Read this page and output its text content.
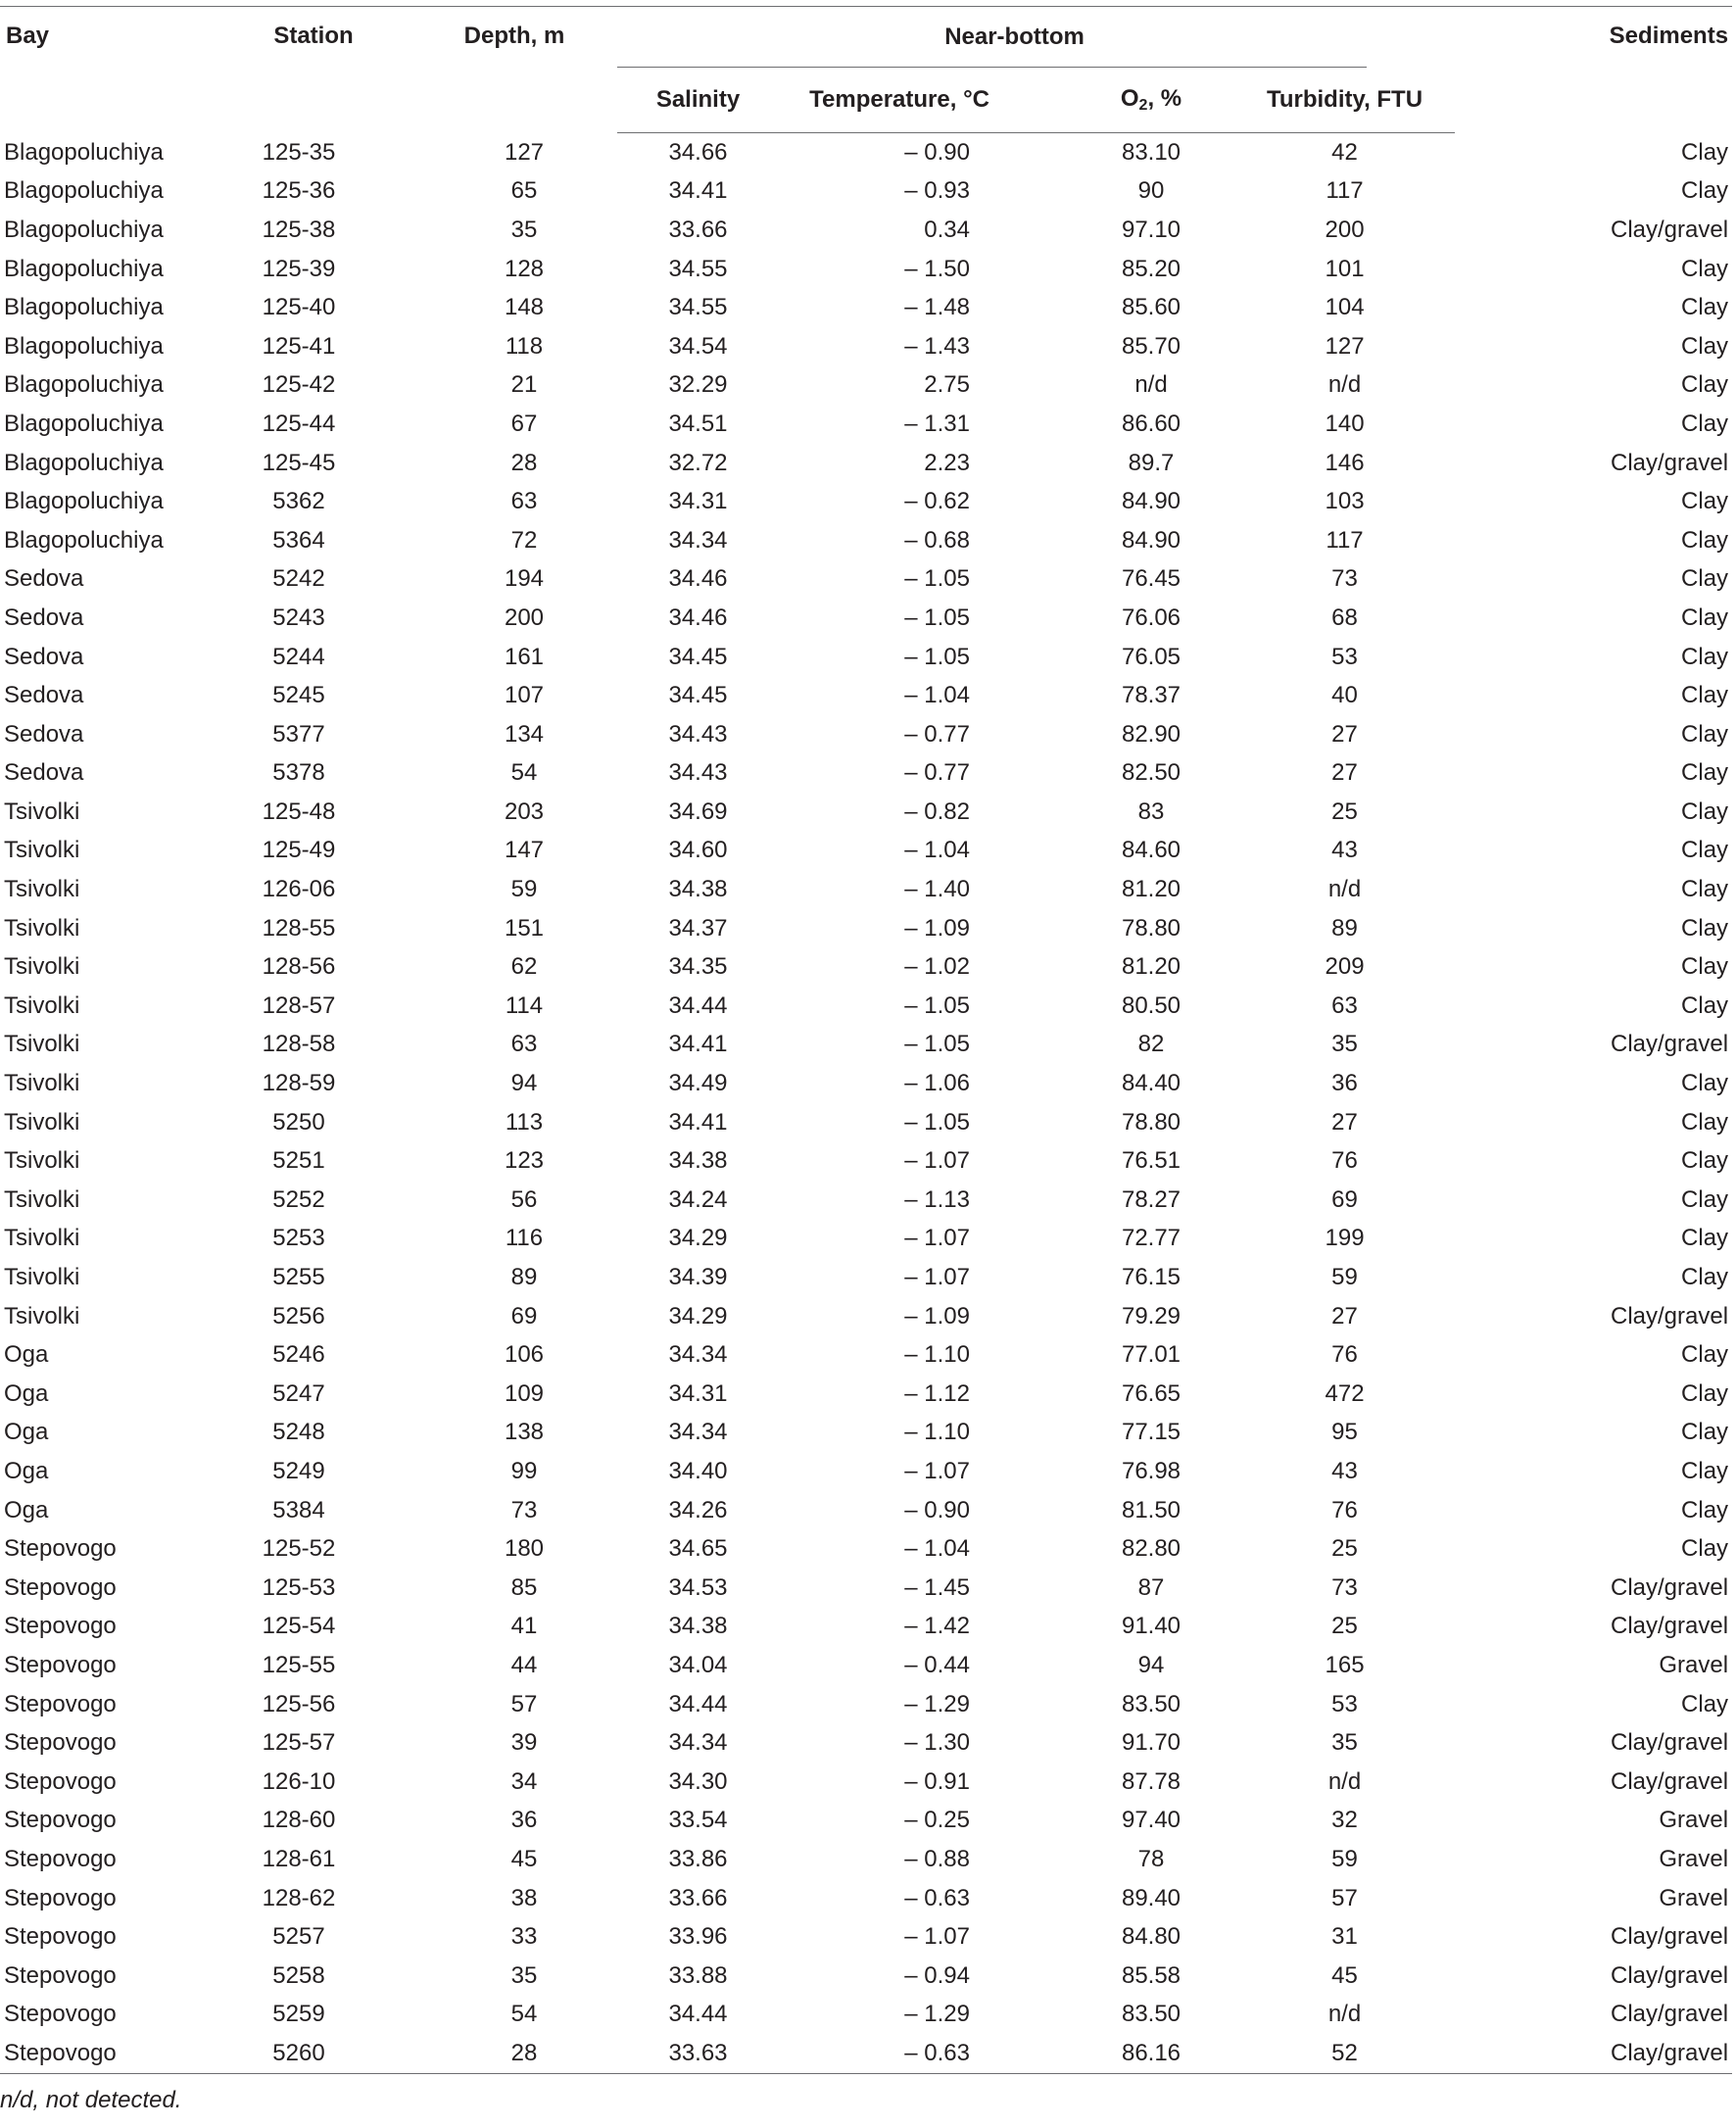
Bay	Station	Depth, m	Near-bottom				Sediments
			Salinity	Temperature, °C	$O_2$, %	Turbidity, FTU	
Blagopoluchiya	125-35	127	34.66	– 0.90	83.10	42	Clay
Blagopoluchiya	125-36	65	34.41	– 0.93	90	117	Clay
Blagopoluchiya	125-38	35	33.66	0.34	97.10	200	Clay/gravel
Blagopoluchiya	125-39	128	34.55	– 1.50	85.20	101	Clay
Blagopoluchiya	125-40	148	34.55	– 1.48	85.60	104	Clay
Blagopoluchiya	125-41	118	34.54	– 1.43	85.70	127	Clay
Blagopoluchiya	125-42	21	32.29	2.75	n/d	n/d	Clay
Blagopoluchiya	125-44	67	34.51	– 1.31	86.60	140	Clay
Blagopoluchiya	125-45	28	32.72	2.23	89.7	146	Clay/gravel
Blagopoluchiya	5362	63	34.31	– 0.62	84.90	103	Clay
Blagopoluchiya	5364	72	34.34	– 0.68	84.90	117	Clay
Sedova	5242	194	34.46	– 1.05	76.45	73	Clay
Sedova	5243	200	34.46	– 1.05	76.06	68	Clay
Sedova	5244	161	34.45	– 1.05	76.05	53	Clay
Sedova	5245	107	34.45	– 1.04	78.37	40	Clay
Sedova	5377	134	34.43	– 0.77	82.90	27	Clay
Sedova	5378	54	34.43	– 0.77	82.50	27	Clay
Tsivolki	125-48	203	34.69	– 0.82	83	25	Clay
Tsivolki	125-49	147	34.60	– 1.04	84.60	43	Clay
Tsivolki	126-06	59	34.38	– 1.40	81.20	n/d	Clay
Tsivolki	128-55	151	34.37	– 1.09	78.80	89	Clay
Tsivolki	128-56	62	34.35	– 1.02	81.20	209	Clay
Tsivolki	128-57	114	34.44	– 1.05	80.50	63	Clay
Tsivolki	128-58	63	34.41	– 1.05	82	35	Clay/gravel
Tsivolki	128-59	94	34.49	– 1.06	84.40	36	Clay
Tsivolki	5250	113	34.41	– 1.05	78.80	27	Clay
Tsivolki	5251	123	34.38	– 1.07	76.51	76	Clay
Tsivolki	5252	56	34.24	– 1.13	78.27	69	Clay
Tsivolki	5253	116	34.29	– 1.07	72.77	199	Clay
Tsivolki	5255	89	34.39	– 1.07	76.15	59	Clay
Tsivolki	5256	69	34.29	– 1.09	79.29	27	Clay/gravel
Oga	5246	106	34.34	– 1.10	77.01	76	Clay
Oga	5247	109	34.31	– 1.12	76.65	472	Clay
Oga	5248	138	34.34	– 1.10	77.15	95	Clay
Oga	5249	99	34.40	– 1.07	76.98	43	Clay
Oga	5384	73	34.26	– 0.90	81.50	76	Clay
Stepovogo	125-52	180	34.65	– 1.04	82.80	25	Clay
Stepovogo	125-53	85	34.53	– 1.45	87	73	Clay/gravel
Stepovogo	125-54	41	34.38	– 1.42	91.40	25	Clay/gravel
Stepovogo	125-55	44	34.04	– 0.44	94	165	Gravel
Stepovogo	125-56	57	34.44	– 1.29	83.50	53	Clay
Stepovogo	125-57	39	34.34	– 1.30	91.70	35	Clay/gravel
Stepovogo	126-10	34	34.30	– 0.91	87.78	n/d	Clay/gravel
Stepovogo	128-60	36	33.54	– 0.25	97.40	32	Gravel
Stepovogo	128-61	45	33.86	– 0.88	78	59	Gravel
Stepovogo	128-62	38	33.66	– 0.63	89.40	57	Gravel
Stepovogo	5257	33	33.96	– 1.07	84.80	31	Clay/gravel
Stepovogo	5258	35	33.88	– 0.94	85.58	45	Clay/gravel
Stepovogo	5259	54	34.44	– 1.29	83.50	n/d	Clay/gravel
Stepovogo	5260	28	33.63	– 0.63	86.16	52	Clay/gravel
n/d, not detected.
